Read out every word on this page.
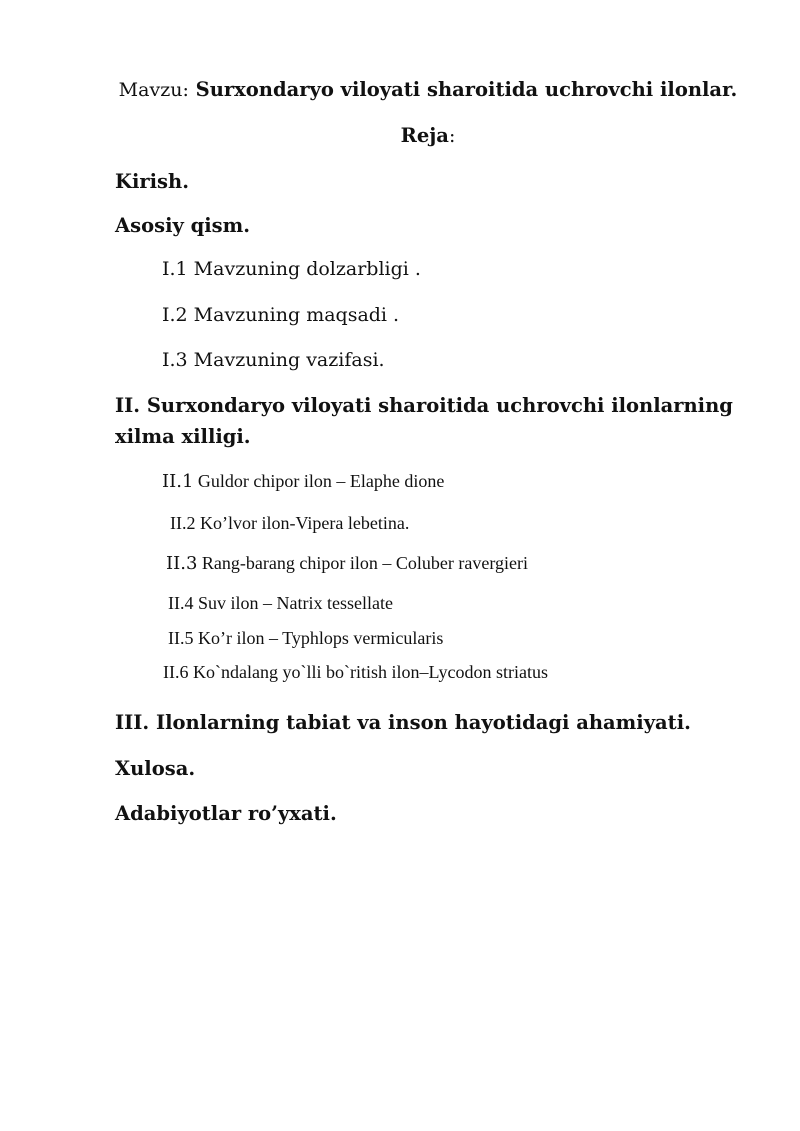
Mavzu: Surxondaryo viloyati sharoitida uchrovchi ilonlar.

Reja:

Kirish.

Asosiy qism.

I.1 Mavzuning dolzarbligi .

I.2 Mavzuning maqsadi .

I.3 Mavzuning vazifasi.

II. Surxondaryo viloyati sharoitida uchrovchi ilonlarning

xilma xilligi.

II.1 Guldor chipor ilon – Elaphe dione

II.2 Ko’lvor ilon-Vipera lebetina.

II.3 Rang-barang chipor ilon – Coluber ravergieri

II.4 Suv ilon – Natrix tessellate

II.5 Ko’r ilon – Typhlops vermicularis

II.6 Ko`ndalang yo`lli bo`ritish ilon–Lycodon striatus

III. Ilonlarning tabiat va inson hayotidagi ahamiyati.

Xulosa.

Adabiyotlar ro’yxati.
